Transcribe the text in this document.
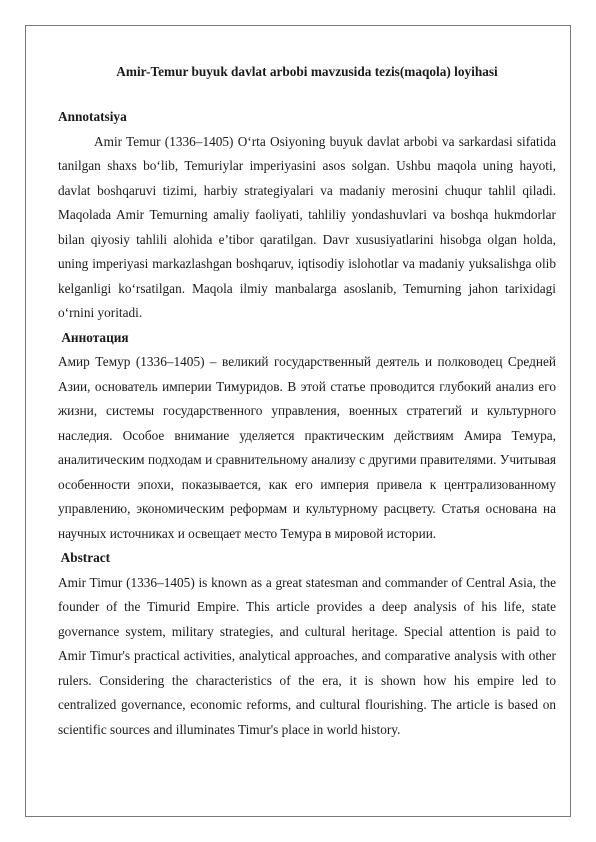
Amir-Temur buyuk davlat arbobi mavzusida tezis(maqola) loyihasi

Annotatsiya

Amir Temur (1336–1405) O‘rta Osiyoning buyuk davlat arbobi va sarkardasi sifatida tanilgan shaxs bo‘lib, Temuriylar imperiyasini asos solgan. Ushbu maqola uning hayoti, davlat boshqaruvi tizimi, harbiy strategiyalari va madaniy merosini chuqur tahlil qiladi. Maqolada Amir Temurning amaliy faoliyati, tahliliy yondashuvlari va boshqa hukmdorlar bilan qiyosiy tahlili alohida e’tibor qaratilgan. Davr xususiyatlarini hisobga olgan holda, uning imperiyasi markazlashgan boshqaruv, iqtisodiy islohotlar va madaniy yuksalishga olib kelganligi ko‘rsatilgan. Maqola ilmiy manbalarga asoslanib, Temurning jahon tarixidagi o‘rnini yoritadi.

Аннотация

Амир Темур (1336–1405) – великий государственный деятель и полководец Средней Азии, основатель империи Тимуридов. В этой статье проводится глубокий анализ его жизни, системы государственного управления, военных стратегий и культурного наследия. Особое внимание уделяется практическим действиям Амира Темура, аналитическим подходам и сравнительному анализу с другими правителями. Учитывая особенности эпохи, показывается, как его империя привела к централизованному управлению, экономическим реформам и культурному расцвету. Статья основана на научных источниках и освещает место Темура в мировой истории.

Abstract

Amir Timur (1336–1405) is known as a great statesman and commander of Central Asia, the founder of the Timurid Empire. This article provides a deep analysis of his life, state governance system, military strategies, and cultural heritage. Special attention is paid to Amir Timur's practical activities, analytical approaches, and comparative analysis with other rulers. Considering the characteristics of the era, it is shown how his empire led to centralized governance, economic reforms, and cultural flourishing. The article is based on scientific sources and illuminates Timur's place in world history.
